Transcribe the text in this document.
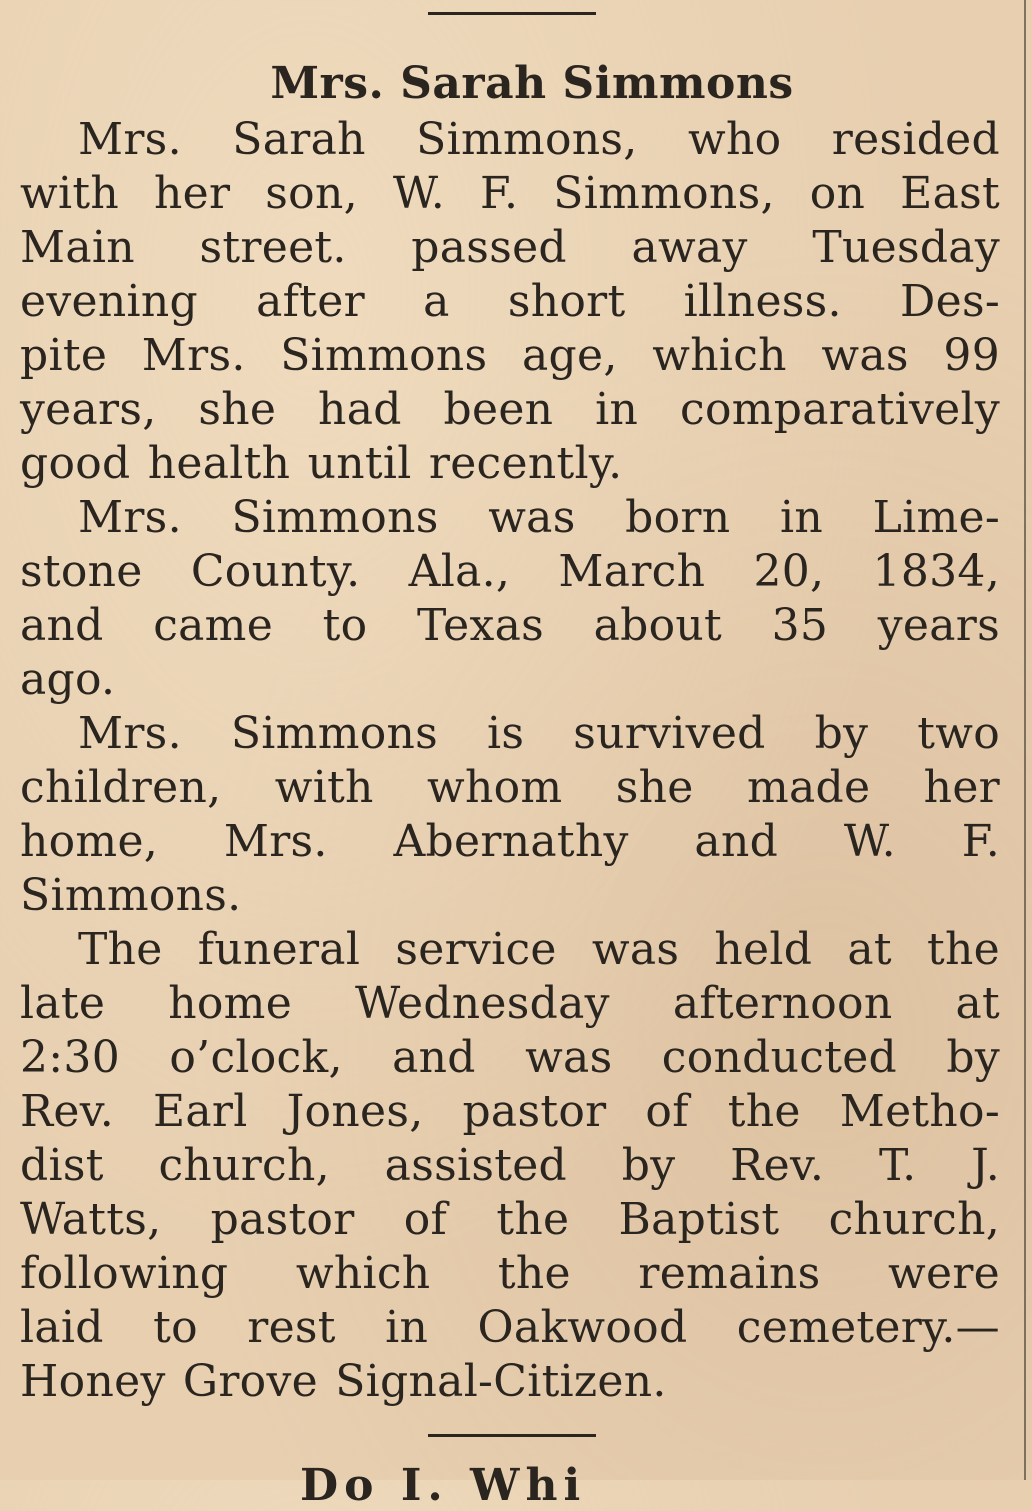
Mrs. Sarah Simmons

Mrs. Sarah Simmons, who resided
with her son, W. F. Simmons, on East
Main street. passed away Tuesday
evening after a short illness. Des-
pite Mrs. Simmons age, which was 99
years, she had been in comparatively
good health until recently.

Mrs. Simmons was born in Lime-
stone County. Ala., March 20, 1834,
and came to Texas about 35 years
ago.

Mrs. Simmons is survived by two
children, with whom she made her
home, Mrs. Abernathy and W. F.
Simmons.

The funeral service was held at the
late home Wednesday afternoon at
2:30 o’clock, and was conducted by
Rev. Earl Jones, pastor of the Metho-
dist church, assisted by Rev. T. J.
Watts, pastor of the Baptist church,
following which the remains were
laid to rest in Oakwood cemetery.—
Honey Grove Signal-Citizen.

Do I. Whi
